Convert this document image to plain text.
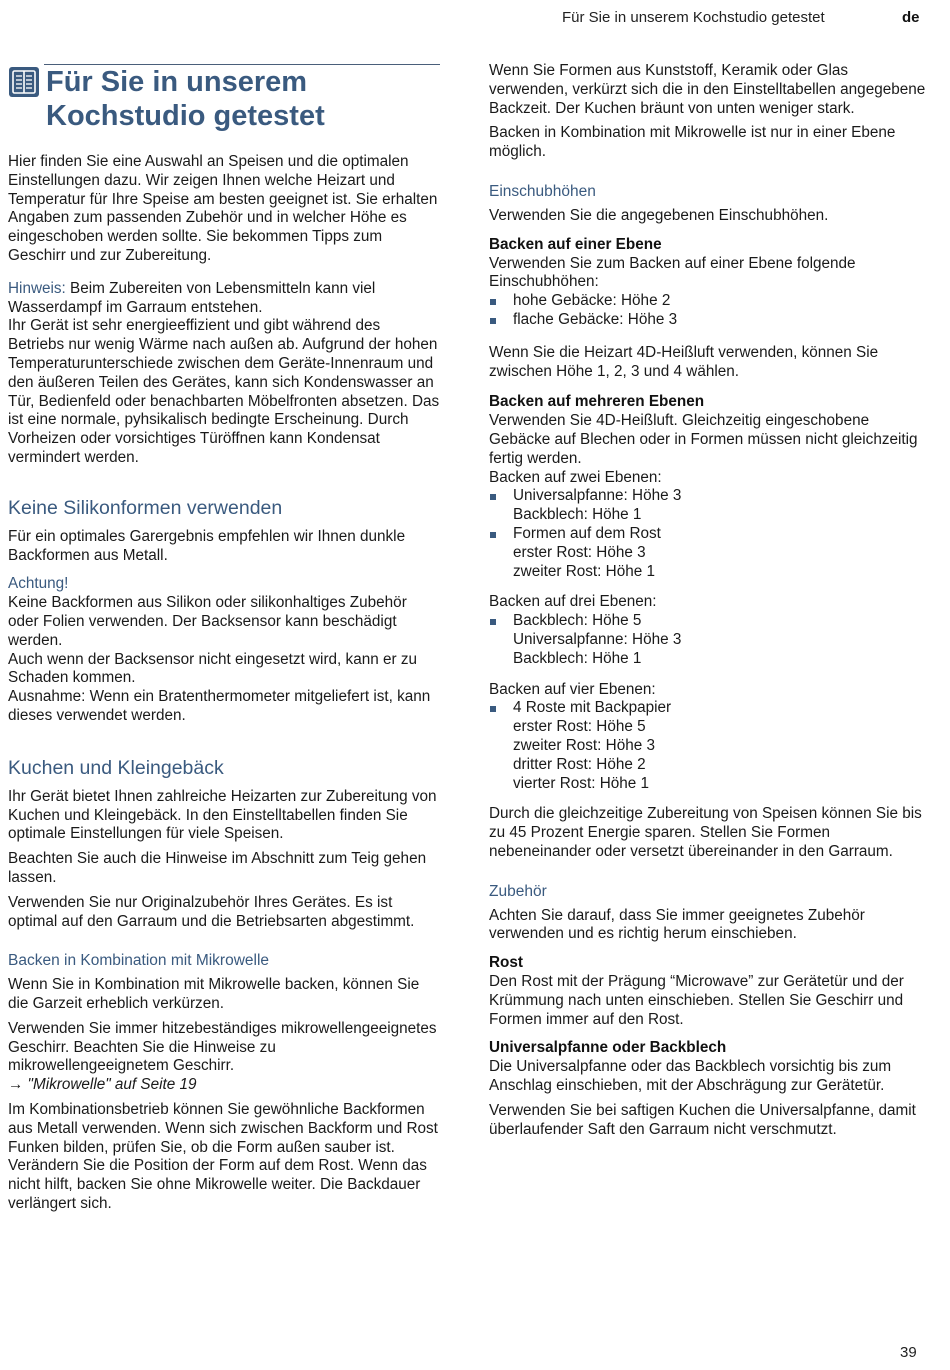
Für Sie in unserem Kochstudio getestet	de
Für Sie in unserem
Kochstudio getestet

Hier finden Sie eine Auswahl an Speisen und die optimalen Einstellungen dazu. Wir zeigen Ihnen welche Heizart und Temperatur für Ihre Speise am besten geeignet ist. Sie erhalten Angaben zum passenden Zubehör und in welcher Höhe es eingeschoben werden sollte. Sie bekommen Tipps zum Geschirr und zur Zubereitung.

Hinweis: Beim Zubereiten von Lebensmitteln kann viel Wasserdampf im Garraum entstehen.

Ihr Gerät ist sehr energieeffizient und gibt während des Betriebs nur wenig Wärme nach außen ab. Aufgrund der hohen Temperaturunterschiede zwischen dem Geräte-Innenraum und den äußeren Teilen des Gerätes, kann sich Kondenswasser an Tür, Bedienfeld oder benachbarten Möbelfronten absetzen. Das ist eine normale, pyhsikalisch bedingte Erscheinung. Durch Vorheizen oder vorsichtiges Türöffnen kann Kondensat vermindert werden.

Keine Silikonformen verwenden

Für ein optimales Garergebnis empfehlen wir Ihnen dunkle Backformen aus Metall.

Achtung!

Keine Backformen aus Silikon oder silikonhaltiges Zubehör oder Folien verwenden. Der Backsensor kann beschädigt werden.

Auch wenn der Backsensor nicht eingesetzt wird, kann er zu Schaden kommen.

Ausnahme: Wenn ein Bratenthermometer mitgeliefert ist, kann dieses verwendet werden.

Kuchen und Kleingebäck

Ihr Gerät bietet Ihnen zahlreiche Heizarten zur Zubereitung von Kuchen und Kleingebäck. In den Einstelltabellen finden Sie optimale Einstellungen für viele Speisen.

Beachten Sie auch die Hinweise im Abschnitt zum Teig gehen lassen.

Verwenden Sie nur Originalzubehör Ihres Gerätes. Es ist optimal auf den Garraum und die Betriebsarten abgestimmt.

Backen in Kombination mit Mikrowelle

Wenn Sie in Kombination mit Mikrowelle backen, können Sie die Garzeit erheblich verkürzen.

Verwenden Sie immer hitzebeständiges mikrowellengeeignetes Geschirr. Beachten Sie die Hinweise zu mikrowellengeeignetem Geschirr.

→ "Mikrowelle" auf Seite 19

Im Kombinationsbetrieb können Sie gewöhnliche Backformen aus Metall verwenden. Wenn sich zwischen Backform und Rost Funken bilden, prüfen Sie, ob die Form außen sauber ist. Verändern Sie die Position der Form auf dem Rost. Wenn das nicht hilft, backen Sie ohne Mikrowelle weiter. Die Backdauer verlängert sich.

Wenn Sie Formen aus Kunststoff, Keramik oder Glas verwenden, verkürzt sich die in den Einstelltabellen angegebene Backzeit. Der Kuchen bräunt von unten weniger stark.

Backen in Kombination mit Mikrowelle ist nur in einer Ebene möglich.

Einschubhöhen

Verwenden Sie die angegebenen Einschubhöhen.

Backen auf einer Ebene

Verwenden Sie zum Backen auf einer Ebene folgende Einschubhöhen:

hohe Gebäcke: Höhe 2
flache Gebäcke: Höhe 3

Wenn Sie die Heizart 4D-Heißluft verwenden, können Sie zwischen Höhe 1, 2, 3 und 4 wählen.

Backen auf mehreren Ebenen

Verwenden Sie 4D-Heißluft. Gleichzeitig eingeschobene Gebäcke auf Blechen oder in Formen müssen nicht gleichzeitig fertig werden.

Backen auf zwei Ebenen:

Universalpfanne: Höhe 3
Backblech: Höhe 1
Formen auf dem Rost
erster Rost: Höhe 3
zweiter Rost: Höhe 1

Backen auf drei Ebenen:

Backblech: Höhe 5
Universalpfanne: Höhe 3
Backblech: Höhe 1

Backen auf vier Ebenen:

4 Roste mit Backpapier
erster Rost: Höhe 5
zweiter Rost: Höhe 3
dritter Rost: Höhe 2
vierter Rost: Höhe 1

Durch die gleichzeitige Zubereitung von Speisen können Sie bis zu 45 Prozent Energie sparen. Stellen Sie Formen nebeneinander oder versetzt übereinander in den Garraum.

Zubehör

Achten Sie darauf, dass Sie immer geeignetes Zubehör verwenden und es richtig herum einschieben.

Rost

Den Rost mit der Prägung “Microwave” zur Gerätetür und der Krümmung nach unten einschieben. Stellen Sie Geschirr und Formen immer auf den Rost.

Universalpfanne oder Backblech

Die Universalpfanne oder das Backblech vorsichtig bis zum Anschlag einschieben, mit der Abschrägung zur Gerätetür.

Verwenden Sie bei saftigen Kuchen die Universalpfanne, damit überlaufender Saft den Garraum nicht verschmutzt.

39
